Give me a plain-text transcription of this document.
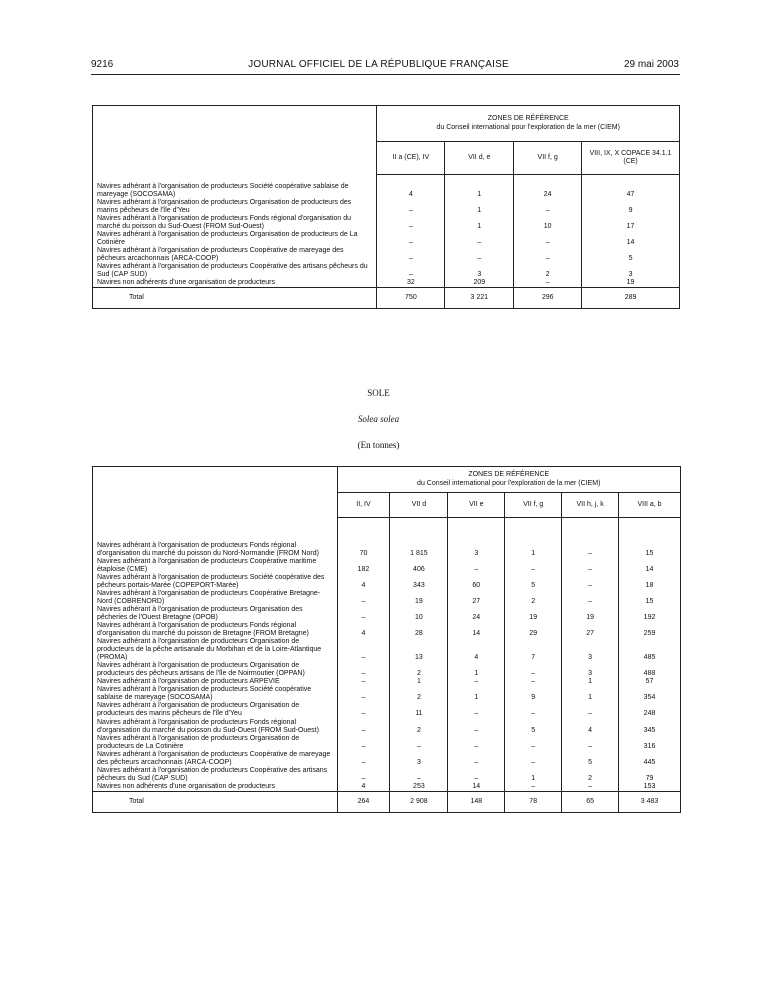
9216	JOURNAL OFFICIEL DE LA RÉPUBLIQUE FRANÇAISE	29 mai 2003

	ZONES DE RÉFÉRENCE
du Conseil international pour l'exploration de la mer (CIEM)			

	II a (CE), IV	VII d, e	VII f, g	VIII, IX, X COPACE 34.1.1 (CE)
Navires adhérant à l'organisation de producteurs Société coopérative sablaise de mareyage (SOCOSAMA)	4	1	24	47
Navires adhérant à l'organisation de producteurs Organisation de producteurs des marins pêcheurs de l'île d'Yeu	–	1	–	9
Navires adhérant à l'organisation de producteurs Fonds régional d'organisation du marché du poisson du Sud-Ouest (FROM Sud-Ouest)	–	1	10	17
Navires adhérant à l'organisation de producteurs Organisation de producteurs de La Cotinière	–	–	–	14
Navires adhérant à l'organisation de producteurs Coopérative de mareyage des pêcheurs arcachonnais (ARCA-COOP)	–	–	–	5
Navires adhérant à l'organisation de producteurs Coopérative des artisans pêcheurs du Sud (CAP SUD)	–	3	2	3
Navires non adhérents d'une organisation de producteurs	32	209	–	19
Total	750	3 221	296	289
SOLE
Solea solea
(En tonnes)

	ZONES DE RÉFÉRENCE
du Conseil international pour l'exploration de la mer (CIEM)					

	II, IV	VII d	VII e	VII f, g	VII h, j, k	VIII a, b
Navires adhérant à l'organisation de producteurs Fonds régional d'organisation du marché du poisson du Nord-Normandie (FROM Nord)	70	1 815	3	1	–	15
Navires adhérant à l'organisation de producteurs Coopérative maritime étaploise (CME)	182	406	–	–	–	14
Navires adhérant à l'organisation de producteurs Société coopérative des pêcheurs portais-Marée (COPEPORT-Marée)	4	343	60	5	–	18
Navires adhérant à l'organisation de producteurs Coopérative Bretagne-Nord (COBRENORD)	–	19	27	2	–	15
Navires adhérant à l'organisation de producteurs Organisation des pêcheries de l'Ouest Bretagne (OPOB)	–	10	24	19	19	192
Navires adhérant à l'organisation de producteurs Fonds régional d'organisation du marché du poisson de Bretagne (FROM Bretagne)	4	28	14	29	27	259
Navires adhérant à l'organisation de producteurs Organisation de producteurs de la pêche artisanale du Morbihan et de la Loire-Atlantique (PROMA)	–	13	4	7	3	485
Navires adhérant à l'organisation de producteurs Organisation de producteurs des pêcheurs artisans de l'île de Noirmoutier (OPPAN)	–	2	1	–	3	488
Navires adhérant à l'organisation de producteurs ARPEVIE	–	1	–	–	1	57
Navires adhérant à l'organisation de producteurs Société coopérative sablaise de mareyage (SOCOSAMA)	–	2	1	9	1	354
Navires adhérant à l'organisation de producteurs Organisation de producteurs des marins pêcheurs de l'île d'Yeu	–	11	–	–	–	248
Navires adhérant à l'organisation de producteurs Fonds régional d'organisation du marché du poisson du Sud-Ouest (FROM Sud-Ouest)	–	2	–	5	4	345
Navires adhérant à l'organisation de producteurs Organisation de producteurs de La Cotinière	–	–	–	–	–	316
Navires adhérant à l'organisation de producteurs Coopérative de mareyage des pêcheurs arcachonnais (ARCA-COOP)	–	3	–	–	5	445
Navires adhérant à l'organisation de producteurs Coopérative des artisans pêcheurs du Sud (CAP SUD)	–	–	–	1	2	79
Navires non adhérents d'une organisation de producteurs	4	253	14	–	–	153
Total	264	2 908	148	78	65	3 483
